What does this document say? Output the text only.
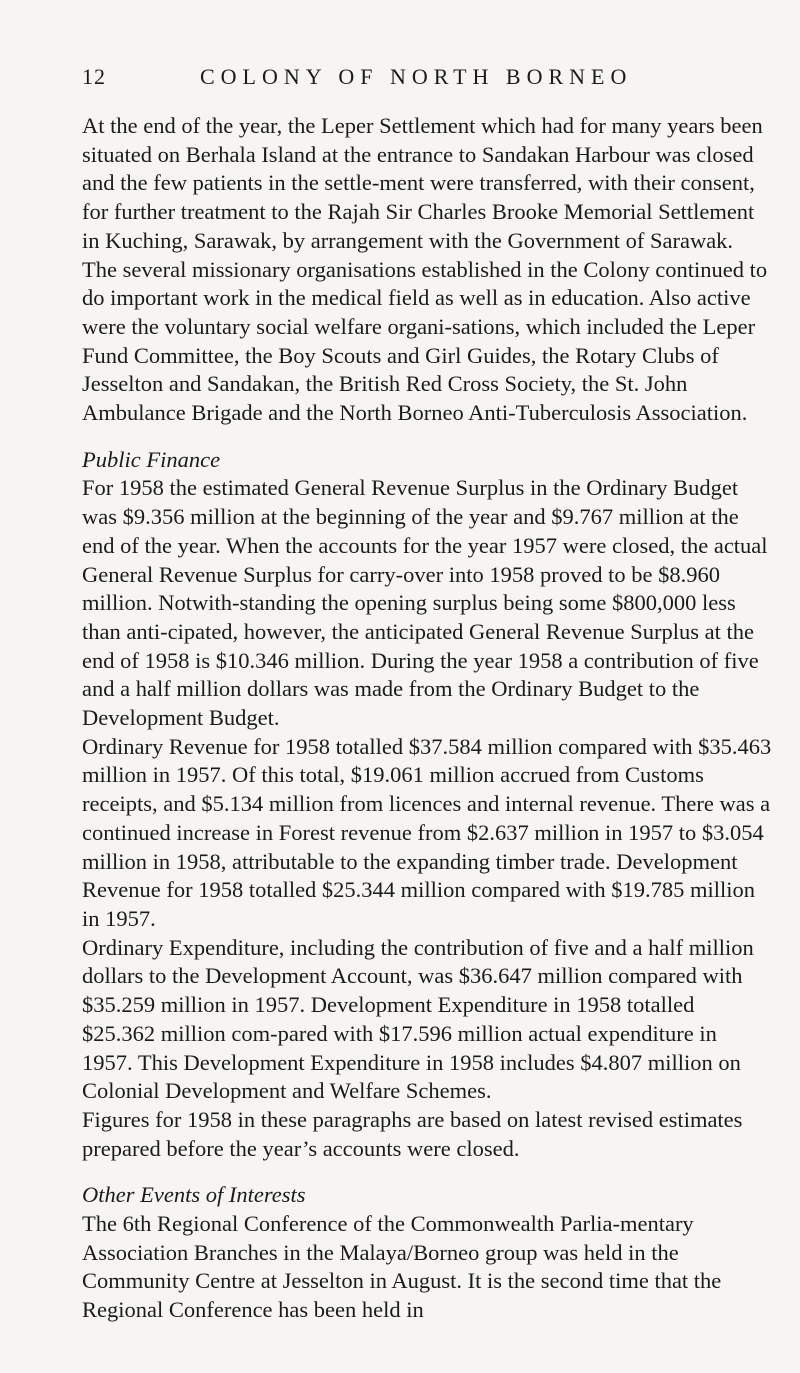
12	COLONY OF NORTH BORNEO

At the end of the year, the Leper Settlement which had for many years been situated on Berhala Island at the entrance to Sandakan Harbour was closed and the few patients in the settle-ment were transferred, with their consent, for further treatment to the Rajah Sir Charles Brooke Memorial Settlement in Kuching, Sarawak, by arrangement with the Government of Sarawak.

The several missionary organisations established in the Colony continued to do important work in the medical field as well as in education. Also active were the voluntary social welfare organi-sations, which included the Leper Fund Committee, the Boy Scouts and Girl Guides, the Rotary Clubs of Jesselton and Sandakan, the British Red Cross Society, the St. John Ambulance Brigade and the North Borneo Anti-Tuberculosis Association.

Public Finance

For 1958 the estimated General Revenue Surplus in the Ordinary Budget was $9.356 million at the beginning of the year and $9.767 million at the end of the year. When the accounts for the year 1957 were closed, the actual General Revenue Surplus for carry-over into 1958 proved to be $8.960 million. Notwith-standing the opening surplus being some $800,000 less than anti-cipated, however, the anticipated General Revenue Surplus at the end of 1958 is $10.346 million. During the year 1958 a contribution of five and a half million dollars was made from the Ordinary Budget to the Development Budget.

Ordinary Revenue for 1958 totalled $37.584 million compared with $35.463 million in 1957. Of this total, $19.061 million accrued from Customs receipts, and $5.134 million from licences and internal revenue. There was a continued increase in Forest revenue from $2.637 million in 1957 to $3.054 million in 1958, attributable to the expanding timber trade. Development Revenue for 1958 totalled $25.344 million compared with $19.785 million in 1957.

Ordinary Expenditure, including the contribution of five and a half million dollars to the Development Account, was $36.647 million compared with $35.259 million in 1957. Development Expenditure in 1958 totalled $25.362 million com-pared with $17.596 million actual expenditure in 1957. This Development Expenditure in 1958 includes $4.807 million on Colonial Development and Welfare Schemes.

Figures for 1958 in these paragraphs are based on latest revised estimates prepared before the year’s accounts were closed.

Other Events of Interests

The 6th Regional Conference of the Commonwealth Parlia-mentary Association Branches in the Malaya/Borneo group was held in the Community Centre at Jesselton in August. It is the second time that the Regional Conference has been held in
